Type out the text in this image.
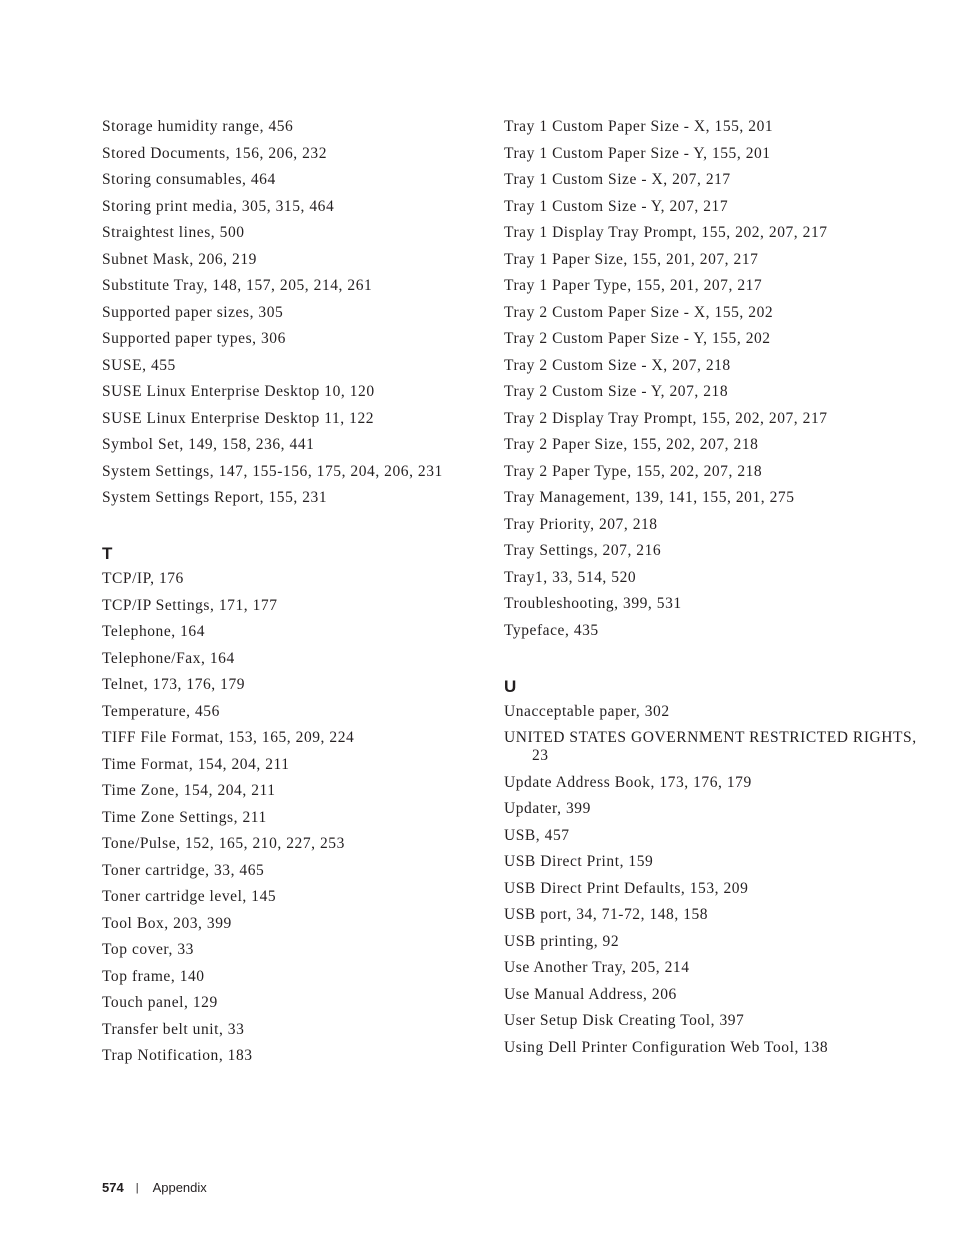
Storage humidity range, 456
Stored Documents, 156, 206, 232
Storing consumables, 464
Storing print media, 305, 315, 464
Straightest lines, 500
Subnet Mask, 206, 219
Substitute Tray, 148, 157, 205, 214, 261
Supported paper sizes, 305
Supported paper types, 306
SUSE, 455
SUSE Linux Enterprise Desktop 10, 120
SUSE Linux Enterprise Desktop 11, 122
Symbol Set, 149, 158, 236, 441
System Settings, 147, 155-156, 175, 204, 206, 231
System Settings Report, 155, 231
T
TCP/IP, 176
TCP/IP Settings, 171, 177
Telephone, 164
Telephone/Fax, 164
Telnet, 173, 176, 179
Temperature, 456
TIFF File Format, 153, 165, 209, 224
Time Format, 154, 204, 211
Time Zone, 154, 204, 211
Time Zone Settings, 211
Tone/Pulse, 152, 165, 210, 227, 253
Toner cartridge, 33, 465
Toner cartridge level, 145
Tool Box, 203, 399
Top cover, 33
Top frame, 140
Touch panel, 129
Transfer belt unit, 33
Trap Notification, 183
Tray 1 Custom Paper Size - X, 155, 201
Tray 1 Custom Paper Size - Y, 155, 201
Tray 1 Custom Size - X, 207, 217
Tray 1 Custom Size - Y, 207, 217
Tray 1 Display Tray Prompt, 155, 202, 207, 217
Tray 1 Paper Size, 155, 201, 207, 217
Tray 1 Paper Type, 155, 201, 207, 217
Tray 2 Custom Paper Size - X, 155, 202
Tray 2 Custom Paper Size - Y, 155, 202
Tray 2 Custom Size - X, 207, 218
Tray 2 Custom Size - Y, 207, 218
Tray 2 Display Tray Prompt, 155, 202, 207, 217
Tray 2 Paper Size, 155, 202, 207, 218
Tray 2 Paper Type, 155, 202, 207, 218
Tray Management, 139, 141, 155, 201, 275
Tray Priority, 207, 218
Tray Settings, 207, 216
Tray1, 33, 514, 520
Troubleshooting, 399, 531
Typeface, 435
U
Unacceptable paper, 302
UNITED STATES GOVERNMENT RESTRICTED RIGHTS, 23
Update Address Book, 173, 176, 179
Updater, 399
USB, 457
USB Direct Print, 159
USB Direct Print Defaults, 153, 209
USB port, 34, 71-72, 148, 158
USB printing, 92
Use Another Tray, 205, 214
Use Manual Address, 206
User Setup Disk Creating Tool, 397
Using Dell Printer Configuration Web Tool, 138
574 | Appendix
